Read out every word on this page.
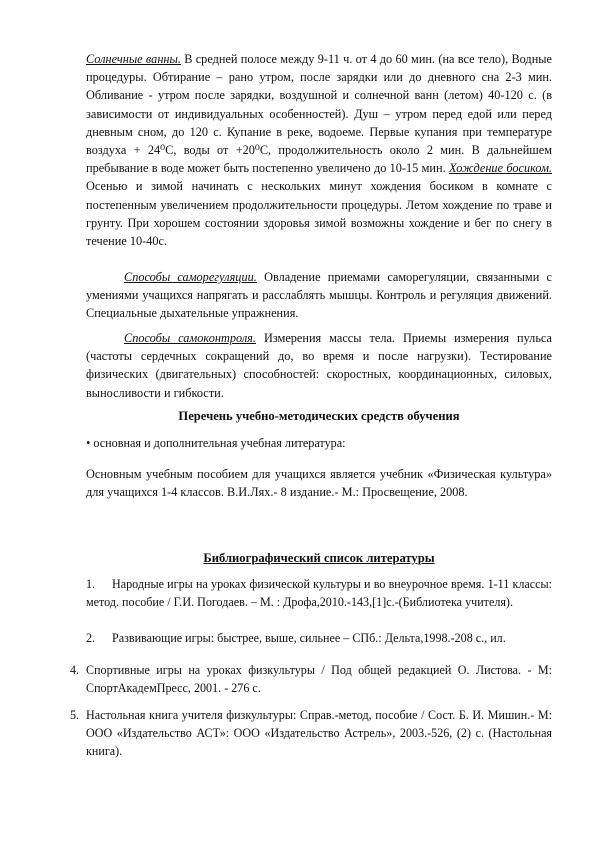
Солнечные ванны. В средней полосе между 9-11 ч. от 4 до 60 мин. (на все тело), Водные процедуры. Обтирание – рано утром, после зарядки или до дневного сна 2-3 мин. Обливание - утром после зарядки, воздушной и солнечной ванн (летом) 40-120 с. (в зависимости от индивидуальных особенностей). Душ – утром перед едой или перед дневным сном, до 120 с. Купание в реке, водоеме. Первые купания при температуре воздуха + 24⁰С, воды от +20⁰С, продолжительность около 2 мин. В дальнейшем пребывание в воде может быть постепенно увеличено до 10-15 мин. Хождение босиком. Осенью и зимой начинать с нескольких минут хождения босиком в комнате с постепенным увеличением продолжительности процедуры. Летом хождение по траве и грунту. При хорошем состоянии здоровья зимой возможны хождение и бег по снегу в течение 10-40с.
Способы саморегуляции. Овладение приемами саморегуляции, связанными с умениями учащихся напрягать и расслаблять мышцы. Контроль и регуляция движений. Специальные дыхательные упражнения.
Способы самоконтроля. Измерения массы тела. Приемы измерения пульса (частоты сердечных сокращений до, во время и после нагрузки). Тестирование физических (двигательных) способностей: скоростных, координационных, силовых, выносливости и гибкости.
Перечень учебно-методических средств обучения
• основная и дополнительная учебная литература:
Основным учебным пособием для учащихся является учебник «Физическая культура» для учащихся 1-4 классов. В.И.Лях.- 8 издание.- М.: Просвещение, 2008.
Библиографический список литературы
1. Народные игры на уроках физической культуры и во внеурочное время. 1-11 классы: метод. пособие / Г.И. Погодаев. – М. : Дрофа,2010.-143,[1]с.-(Библиотека учителя).
2. Развивающие игры: быстрее, выше, сильнее – СПб.: Дельта,1998.-208 с., ил.
4. Спортивные игры на уроках физкультуры / Под общей редакцией О. Листова. - М: СпортАкадемПресс, 2001. - 276 с.
5. Настольная книга учителя физкультуры: Справ.-метод, пособие / Сост. Б. И. Мишин.- М: ООО «Издательство АСТ»: ООО «Издательство Астрель», 2003.-526, (2) с. (Настольная книга).
